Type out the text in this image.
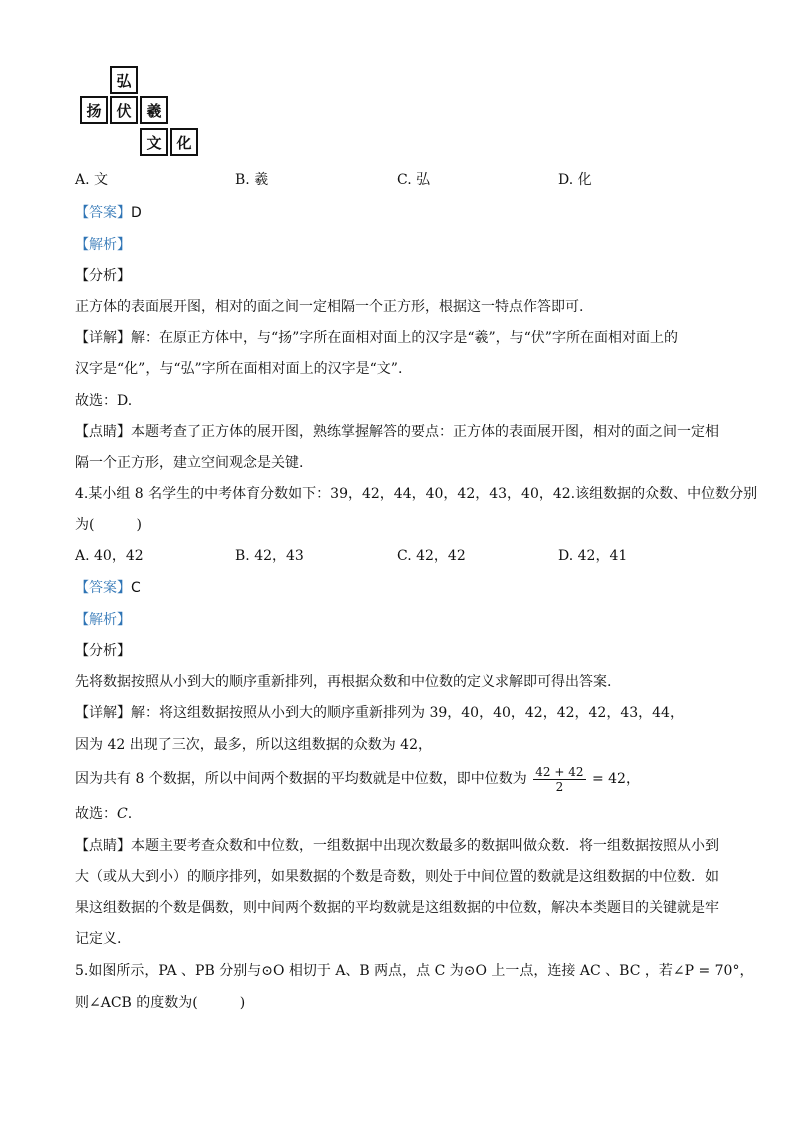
弘
扬 伏 羲
文 化
A. 文	B. 羲	C. 弘	D. 化
【答案】D
【解析】
【分析】
正方体的表面展开图，相对的面之间一定相隔一个正方形，根据这一特点作答即可.
【详解】解：在原正方体中，与“扬”字所在面相对面上的汉字是“羲”，与“伏”字所在面相对面上的
汉字是“化”，与“弘”字所在面相对面上的汉字是“文”.
故选：D.
【点睛】本题考查了正方体的展开图，熟练掌握解答的要点：正方体的表面展开图，相对的面之间一定相
隔一个正方形，建立空间观念是关键.
4.某小组 8 名学生的中考体育分数如下：39，42，44，40，42，43，40，42.该组数据的众数、中位数分别
为(　　　)
A. 40，42	B. 42，43	C. 42，42	D. 42，41
【答案】C
【解析】
【分析】
先将数据按照从小到大的顺序重新排列，再根据众数和中位数的定义求解即可得出答案.
【详解】解：将这组数据按照从小到大的顺序重新排列为 39，40，40，42，42，42，43，44，
因为 42 出现了三次，最多，所以这组数据的众数为 42，
因为共有 8 个数据，所以中间两个数据的平均数就是中位数，即中位数为 $\frac{42 + 42}{2} = 42$，
故选：C.
【点睛】本题主要考查众数和中位数，一组数据中出现次数最多的数据叫做众数．将一组数据按照从小到
大（或从大到小）的顺序排列，如果数据的个数是奇数，则处于中间位置的数就是这组数据的中位数．如
果这组数据的个数是偶数，则中间两个数据的平均数就是这组数据的中位数，解决本类题目的关键就是牢
记定义.
5.如图所示，PA 、PB 分别与⊙O 相切于 A、B 两点，点 C 为⊙O 上一点，连接 AC 、BC ，若∠P = 70°，
则∠ACB 的度数为(　　　)
